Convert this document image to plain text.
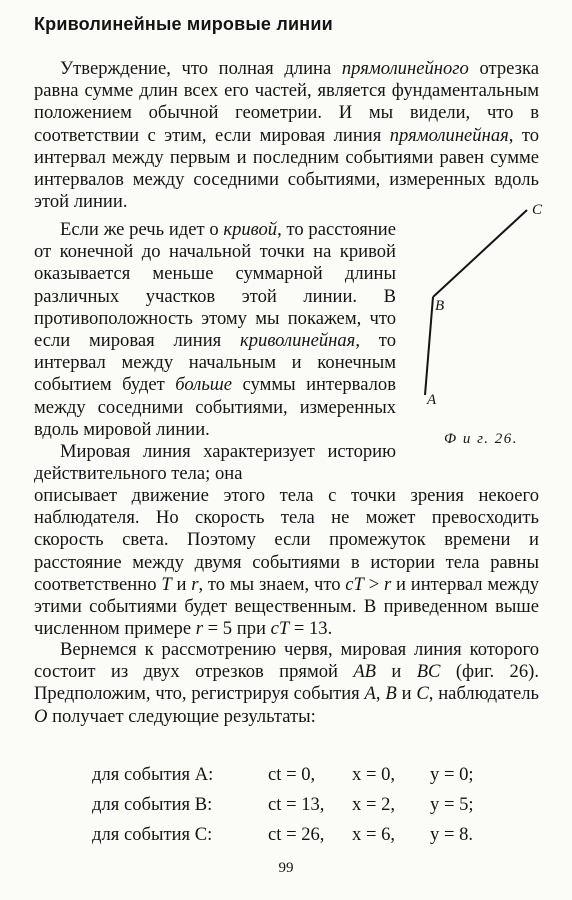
Криволинейные мировые линии

Утверждение, что полная длина прямолинейного отрезка равна сумме длин всех его частей, является фундаментальным положением обычной геометрии. И мы видели, что в соответствии с этим, если мировая линия прямолинейная, то интервал между первым и последним событиями равен сумме интервалов между соседними событиями, измеренных вдоль этой линии.

Если же речь идет о кривой, то расстояние от конечной до начальной точки на кривой оказывается меньше суммарной длины различных участков этой линии. В противоположность этому мы покажем, что если мировая линия криволинейная, то интервал между начальным и конечным событием будет больше суммы интервалов между соседними событиями, измеренных вдоль мировой линии.

Мировая линия характеризует историю действительного тела; она

описывает движение этого тела с точки зрения некоего наблюдателя. Но скорость тела не может превосходить скорость света. Поэтому если промежуток времени и расстояние между двумя событиями в истории тела равны соответственно T и r, то мы знаем, что cT > r и интервал между этими событиями будет вещественным. В приведенном выше численном примере r = 5 при cT = 13.

Вернемся к рассмотрению червя, мировая линия которого состоит из двух отрезков прямой AB и BC (фиг. 26). Предположим, что, регистрируя события A, B и C, наблюдатель O получает следующие результаты:

A
B
C
Ф и г. 26.
для события A:	ct = 0,	x = 0,	y = 0;
для события B:	ct = 13,	x = 2,	y = 5;
для события C:	ct = 26,	x = 6,	y = 8.
99
